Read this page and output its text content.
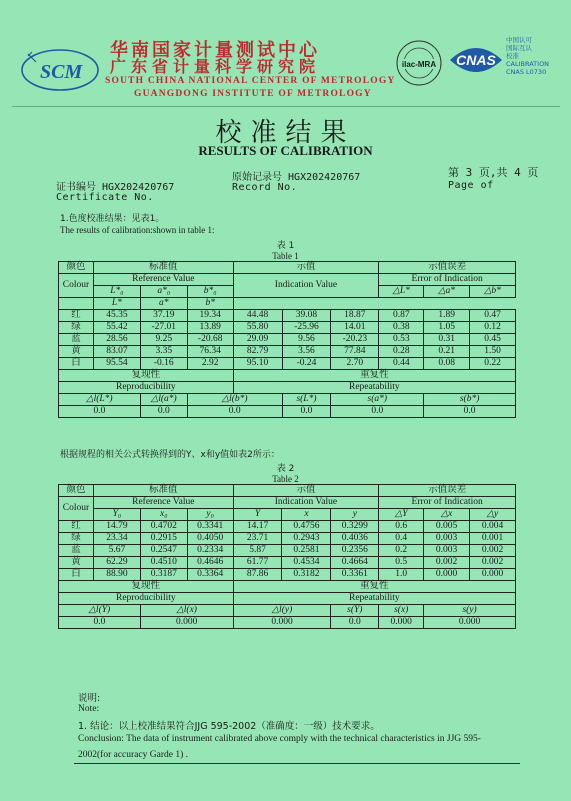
SCM
华南国家计量测试中心
广东省计量科学研究院
SOUTH CHINA NATIONAL CENTER OF METROLOGY
GUANGDONG INSTITUTE OF METROLOGY
ilac-MRA CNAS
中国认可
国际互认
校准
CALIBRATION
CNAS L0730
校准结果
RESULTS OF CALIBRATION
证书编号 HGX202420767
Certificate No.
原始记录号 HGX202420767
Record No.
第 3 页,共 4 页
Page of
1.色度校准结果：见表1。
The results of calibration:shown in table 1:
表 1
Table 1
颜色	标准值			示值			示值误差		
Colour	Reference Value			Indication Value			Error of Indication		
	L*₀	a*₀	b*₀				△L*	△a*	△b*
	L*	a*	b*					
红	45.35	37.19	19.34	44.48	39.08	18.87	0.87	1.89	0.47
绿	55.42	-27.01	13.89	55.80	-25.96	14.01	0.38	1.05	0.12
蓝	28.56	9.25	-20.68	29.09	9.56	-20.23	0.53	0.31	0.45
黄	83.07	3.35	76.34	82.79	3.56	77.84	0.28	0.21	1.50
白	95.54	-0.16	2.92	95.10	-0.24	2.70	0.44	0.08	0.22
复现性				重复性					
Reproducibility				Repeatability					
△l(L*)		△l(a*)	△l(b*)		s(L*)	s(a*)		s(b*)	
0.0		0.0	0.0		0.0	0.0		0.0	
根据规程的相关公式转换得到的Y、x和y值如表2所示：
表 2
Table 2
颜色	标准值			示值			示值误差		
Colour	Reference Value			Indication Value			Error of Indication		
	Y₀	x₀	y₀	Y	x	y	△Y	△x	△y
红	14.79	0.4702	0.3341	14.17	0.4756	0.3299	0.6	0.005	0.004
绿	23.34	0.2915	0.4050	23.71	0.2943	0.4036	0.4	0.003	0.001
蓝	5.67	0.2547	0.2334	5.87	0.2581	0.2356	0.2	0.003	0.002
黄	62.29	0.4510	0.4646	61.77	0.4534	0.4664	0.5	0.002	0.002
白	88.90	0.3187	0.3364	87.86	0.3182	0.3361	1.0	0.000	0.000
复现性				重复性					
Reproducibility				Repeatability					
△l(Y)		△l(x)		△l(y)		s(Y)	s(x)	s(y)	
0.0		0.000		0.000		0.0	0.000	0.000	
说明:
Note:
1. 结论：以上校准结果符合JJG 595-2002（准确度：一级）技术要求。
Conclusion: The data of instrument calibrated above comply with the technical characteristics in JJG 595-
2002(for accuracy Garde 1) .
